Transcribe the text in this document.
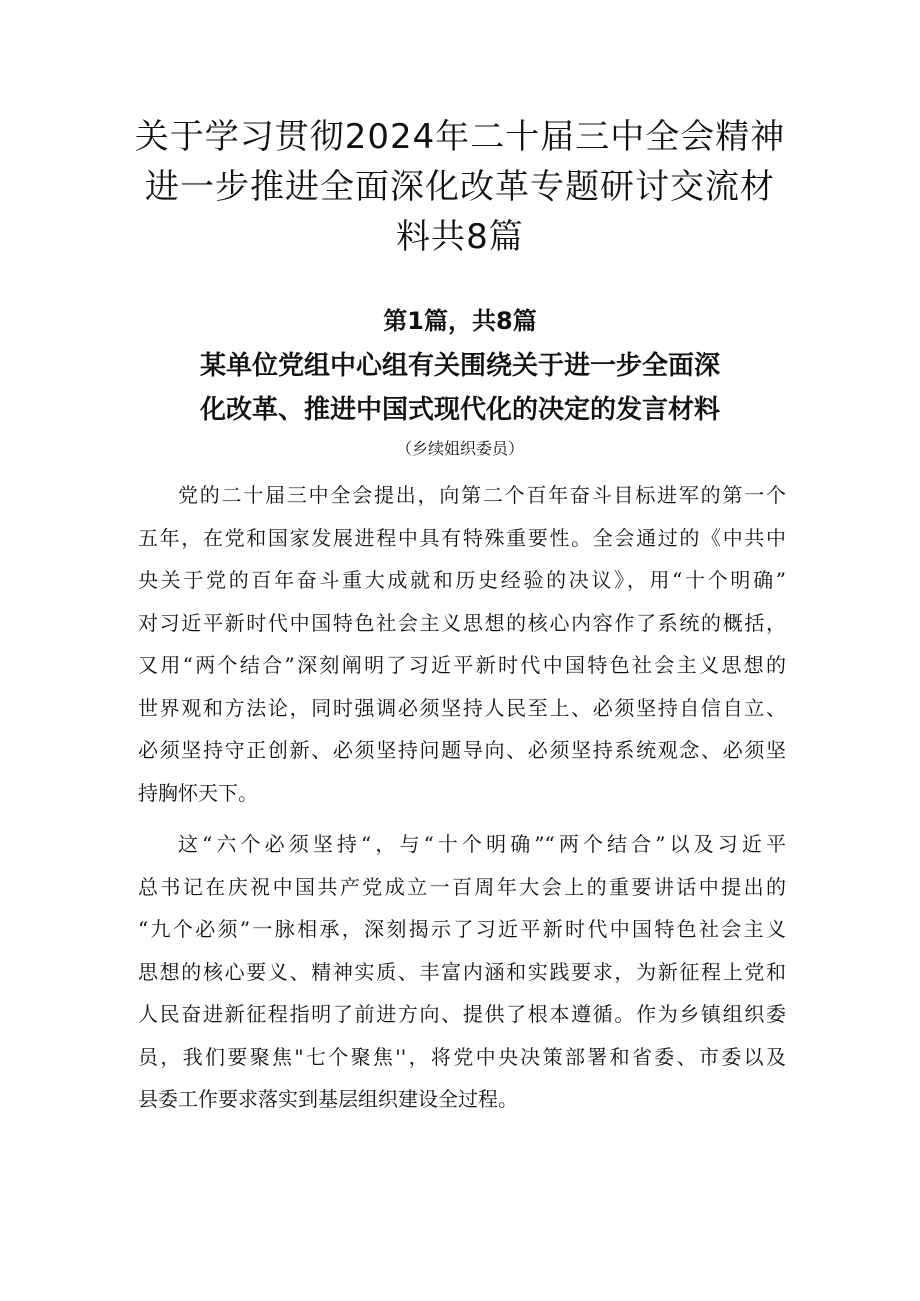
关于学习贯彻2024年二十届三中全会精神
进一步推进全面深化改革专题研讨交流材
料共8篇
第1篇，共8篇
某单位党组中心组有关围绕关于进一步全面深
化改革、推进中国式现代化的决定的发言材料
（乡续姐织委员）
党的二十届三中全会提出，向第二个百年奋斗目标进军的第一个
五年，在党和国家发展进程中具有特殊重要性。全会通过的《中共中
央关于党的百年奋斗重大成就和历史经验的决议》，用“十个明确”
对习近平新时代中国特色社会主义思想的核心内容作了系统的概括，
又用“两个结合”深刻阐明了习近平新时代中国特色社会主义思想的
世界观和方法论，同时强调必须坚持人民至上、必须坚持自信自立、
必须坚持守正创新、必须坚持问题导向、必须坚持系统观念、必须坚
持胸怀天下。
这“六个必须坚持“，与“十个明确”“两个结合”以及习近平
总书记在庆祝中国共产党成立一百周年大会上的重要讲话中提出的
“九个必须”一脉相承，深刻揭示了习近平新时代中国特色社会主义
思想的核心要义、精神实质、丰富内涵和实践要求，为新征程上党和
人民奋进新征程指明了前进方向、提供了根本遵循。作为乡镇组织委
员，我们要聚焦"七个聚焦''，将党中央决策部署和省委、市委以及
县委工作要求落实到基层组织建设全过程。
